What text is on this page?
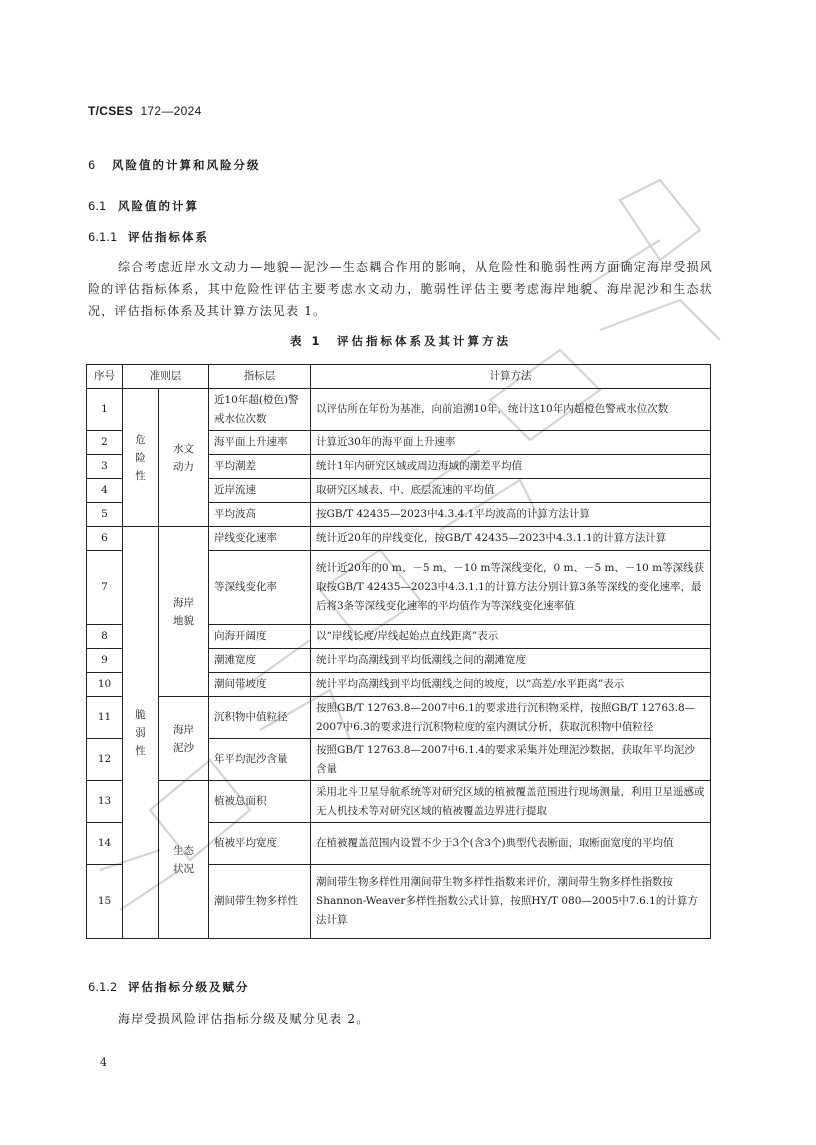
T/CSES 172—2024
6 风险值的计算和风险分级
6.1 风险值的计算
6.1.1 评估指标体系
综合考虑近岸水文动力—地貌—泥沙—生态耦合作用的影响，从危险性和脆弱性两方面确定海岸受损风险的评估指标体系，其中危险性评估主要考虑水文动力，脆弱性评估主要考虑海岸地貌、海岸泥沙和生态状况，评估指标体系及其计算方法见表 1。
表 1　评估指标体系及其计算方法
序号	准则层		指标层	计算方法
1	危险性	水文动力	近10年超(橙色)警戒水位次数	以评估所在年份为基准，向前追溯10年，统计这10年内超橙色警戒水位次数
2			海平面上升速率	计算近30年的海平面上升速率
3			平均潮差	统计1年内研究区域或周边海域的潮差平均值
4			近岸流速	取研究区域表、中、底层流速的平均值
5			平均波高	按GB/T 42435—2023中4.3.4.1平均波高的计算方法计算
6	脆弱性	海岸地貌	岸线变化速率	统计近20年的岸线变化，按GB/T 42435—2023中4.3.1.1的计算方法计算
7			等深线变化率	统计近20年的0 m、－5 m、－10 m等深线变化，0 m、－5 m、－10 m等深线获取按GB/T 42435—2023中4.3.1.1的计算方法分别计算3条等深线的变化速率，最后将3条等深线变化速率的平均值作为等深线变化速率值
8			向海开阔度	以“岸线长度/岸线起始点直线距离”表示
9			潮滩宽度	统计平均高潮线到平均低潮线之间的潮滩宽度
10			潮间带坡度	统计平均高潮线到平均低潮线之间的坡度，以“高差/水平距离”表示
11		海岸泥沙	沉积物中值粒径	按照GB/T 12763.8—2007中6.1的要求进行沉积物采样，按照GB/T 12763.8—2007中6.3的要求进行沉积物粒度的室内测试分析，获取沉积物中值粒径
12			年平均泥沙含量	按照GB/T 12763.8—2007中6.1.4的要求采集并处理泥沙数据，获取年平均泥沙含量
13		生态状况	植被总面积	采用北斗卫星导航系统等对研究区域的植被覆盖范围进行现场测量，利用卫星遥感或无人机技术等对研究区域的植被覆盖边界进行提取
14			植被平均宽度	在植被覆盖范围内设置不少于3个(含3个)典型代表断面，取断面宽度的平均值
15			潮间带生物多样性	潮间带生物多样性用潮间带生物多样性指数来评价，潮间带生物多样性指数按Shannon-Weaver多样性指数公式计算，按照HY/T 080—2005中7.6.1的计算方法计算
6.1.2 评估指标分级及赋分
海岸受损风险评估指标分级及赋分见表 2。
4
